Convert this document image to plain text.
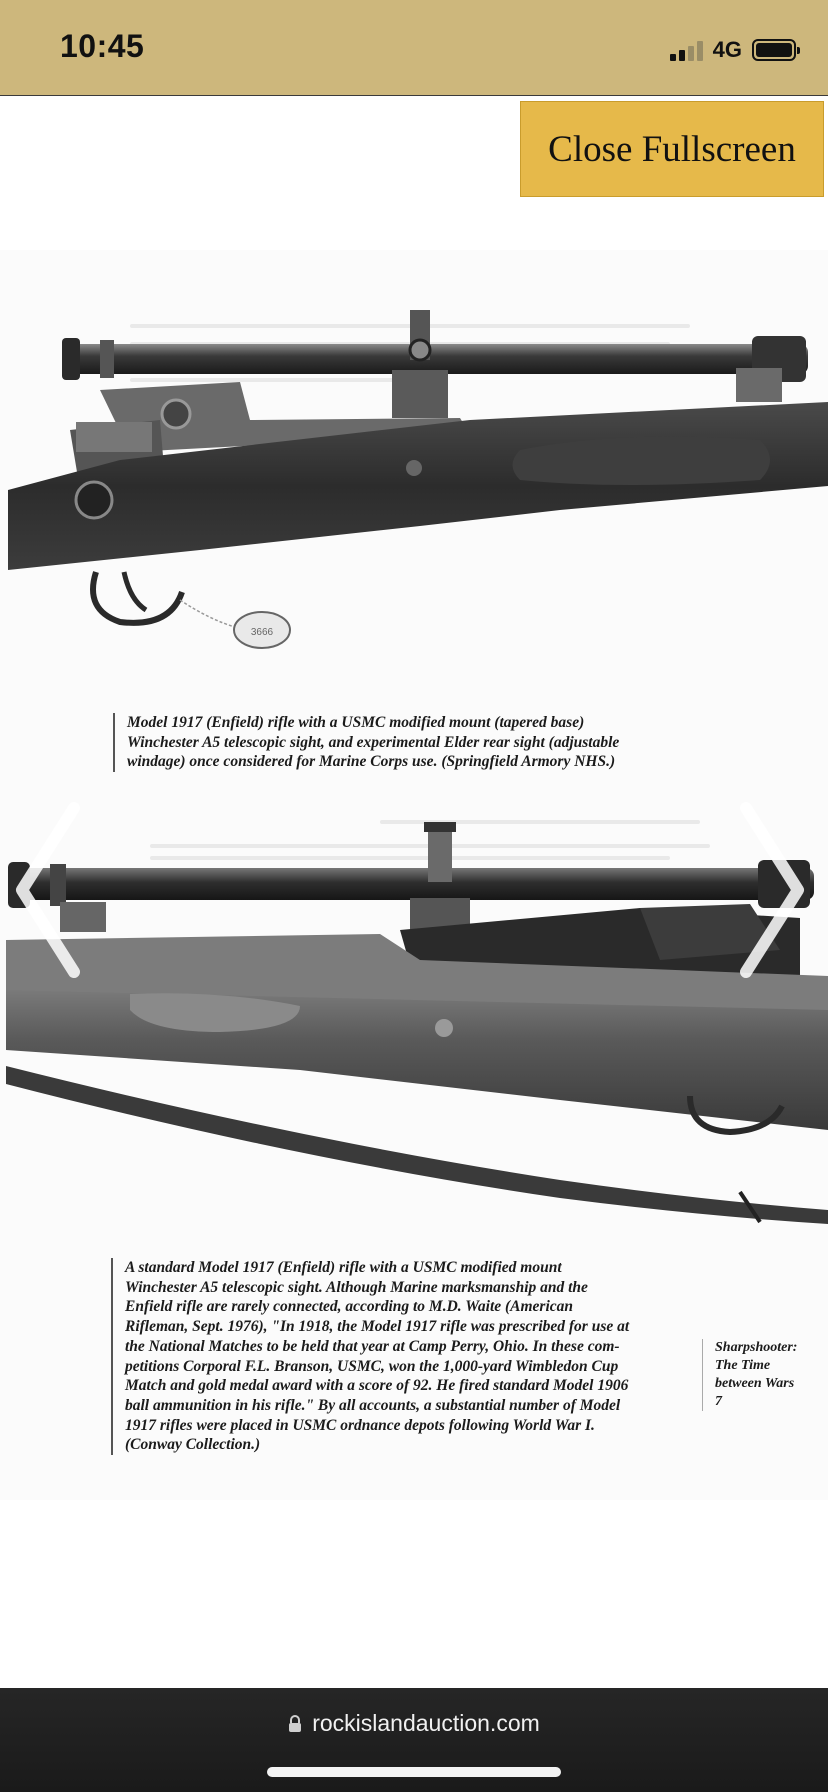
10:45	4G
Close Fullscreen
3666
Model 1917 (Enfield) rifle with a USMC modified mount (tapered base)
Winchester A5 telescopic sight, and experimental Elder rear sight (adjustable
windage) once considered for Marine Corps use. (Springfield Armory NHS.)
A standard Model 1917 (Enfield) rifle with a USMC modified mount
Winchester A5 telescopic sight. Although Marine marksmanship and the
Enfield rifle are rarely connected, according to M.D. Waite (American
Rifleman, Sept. 1976), "In 1918, the Model 1917 rifle was prescribed for use at
the National Matches to be held that year at Camp Perry, Ohio. In these com-
petitions Corporal F.L. Branson, USMC, won the 1,000-yard Wimbledon Cup
Match and gold medal award with a score of 92. He fired standard Model 1906
ball ammunition in his rifle." By all accounts, a substantial number of Model
1917 rifles were placed in USMC ordnance depots following World War I.
(Conway Collection.)
Sharpshooter:
The Time
between Wars
7
rockislandauction.com
